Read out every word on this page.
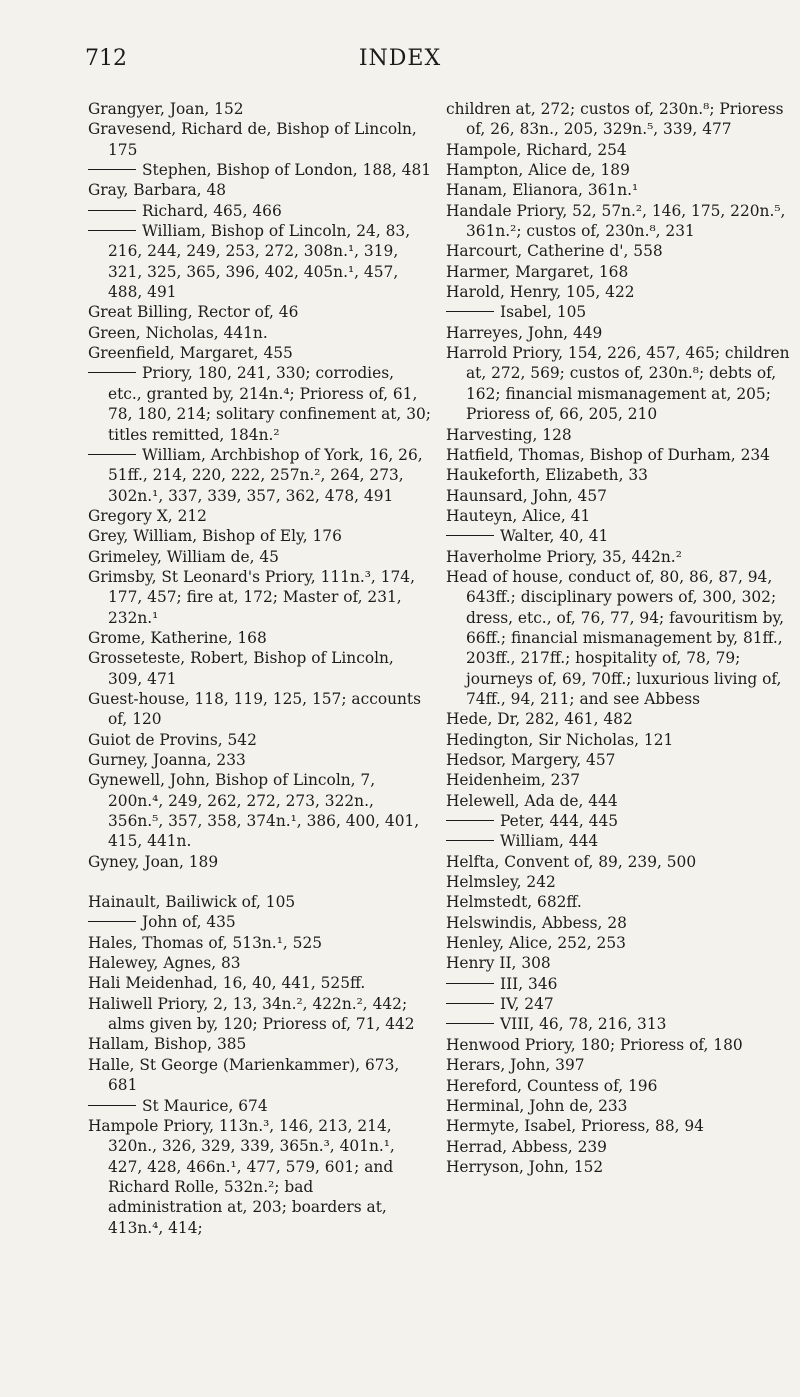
712	INDEX
Grangyer, Joan, 152
Gravesend, Richard de, Bishop of Lincoln, 175
Stephen, Bishop of London, 188, 481
Gray, Barbara, 48
Richard, 465, 466
William, Bishop of Lincoln, 24, 83, 216, 244, 249, 253, 272, 308n.¹, 319, 321, 325, 365, 396, 402, 405n.¹, 457, 488, 491
Great Billing, Rector of, 46
Green, Nicholas, 441n.
Greenfield, Margaret, 455
Priory, 180, 241, 330; corrodies, etc., granted by, 214n.⁴; Prioress of, 61, 78, 180, 214; solitary confinement at, 30; titles remitted, 184n.²
William, Archbishop of York, 16, 26, 51ff., 214, 220, 222, 257n.², 264, 273, 302n.¹, 337, 339, 357, 362, 478, 491
Gregory X, 212
Grey, William, Bishop of Ely, 176
Grimeley, William de, 45
Grimsby, St Leonard's Priory, 111n.³, 174, 177, 457; fire at, 172; Master of, 231, 232n.¹
Grome, Katherine, 168
Grosseteste, Robert, Bishop of Lincoln, 309, 471
Guest-house, 118, 119, 125, 157; accounts of, 120
Guiot de Provins, 542
Gurney, Joanna, 233
Gynewell, John, Bishop of Lincoln, 7, 200n.⁴, 249, 262, 272, 273, 322n., 356n.⁵, 357, 358, 374n.¹, 386, 400, 401, 415, 441n.
Gyney, Joan, 189
Hainault, Bailiwick of, 105
John of, 435
Hales, Thomas of, 513n.¹, 525
Halewey, Agnes, 83
Hali Meidenhad, 16, 40, 441, 525ff.
Haliwell Priory, 2, 13, 34n.², 422n.², 442; alms given by, 120; Prioress of, 71, 442
Hallam, Bishop, 385
Halle, St George (Marienkammer), 673, 681
St Maurice, 674
Hampole Priory, 113n.³, 146, 213, 214, 320n., 326, 329, 339, 365n.³, 401n.¹, 427, 428, 466n.¹, 477, 579, 601; and Richard Rolle, 532n.²; bad administration at, 203; boarders at, 413n.⁴, 414;
children at, 272; custos of, 230n.⁸; Prioress of, 26, 83n., 205, 329n.⁵, 339, 477
Hampole, Richard, 254
Hampton, Alice de, 189
Hanam, Elianora, 361n.¹
Handale Priory, 52, 57n.², 146, 175, 220n.⁵, 361n.²; custos of, 230n.⁸, 231
Harcourt, Catherine d', 558
Harmer, Margaret, 168
Harold, Henry, 105, 422
Isabel, 105
Harreyes, John, 449
Harrold Priory, 154, 226, 457, 465; children at, 272, 569; custos of, 230n.⁸; debts of, 162; financial mismanagement at, 205; Prioress of, 66, 205, 210
Harvesting, 128
Hatfield, Thomas, Bishop of Durham, 234
Haukeforth, Elizabeth, 33
Haunsard, John, 457
Hauteyn, Alice, 41
Walter, 40, 41
Haverholme Priory, 35, 442n.²
Head of house, conduct of, 80, 86, 87, 94, 643ff.; disciplinary powers of, 300, 302; dress, etc., of, 76, 77, 94; favouritism by, 66ff.; financial mismanagement by, 81ff., 203ff., 217ff.; hospitality of, 78, 79; journeys of, 69, 70ff.; luxurious living of, 74ff., 94, 211; and see Abbess
Hede, Dr, 282, 461, 482
Hedington, Sir Nicholas, 121
Hedsor, Margery, 457
Heidenheim, 237
Helewell, Ada de, 444
Peter, 444, 445
William, 444
Helfta, Convent of, 89, 239, 500
Helmsley, 242
Helmstedt, 682ff.
Helswindis, Abbess, 28
Henley, Alice, 252, 253
Henry II, 308
III, 346
IV, 247
VIII, 46, 78, 216, 313
Henwood Priory, 180; Prioress of, 180
Herars, John, 397
Hereford, Countess of, 196
Herminal, John de, 233
Hermyte, Isabel, Prioress, 88, 94
Herrad, Abbess, 239
Herryson, John, 152
